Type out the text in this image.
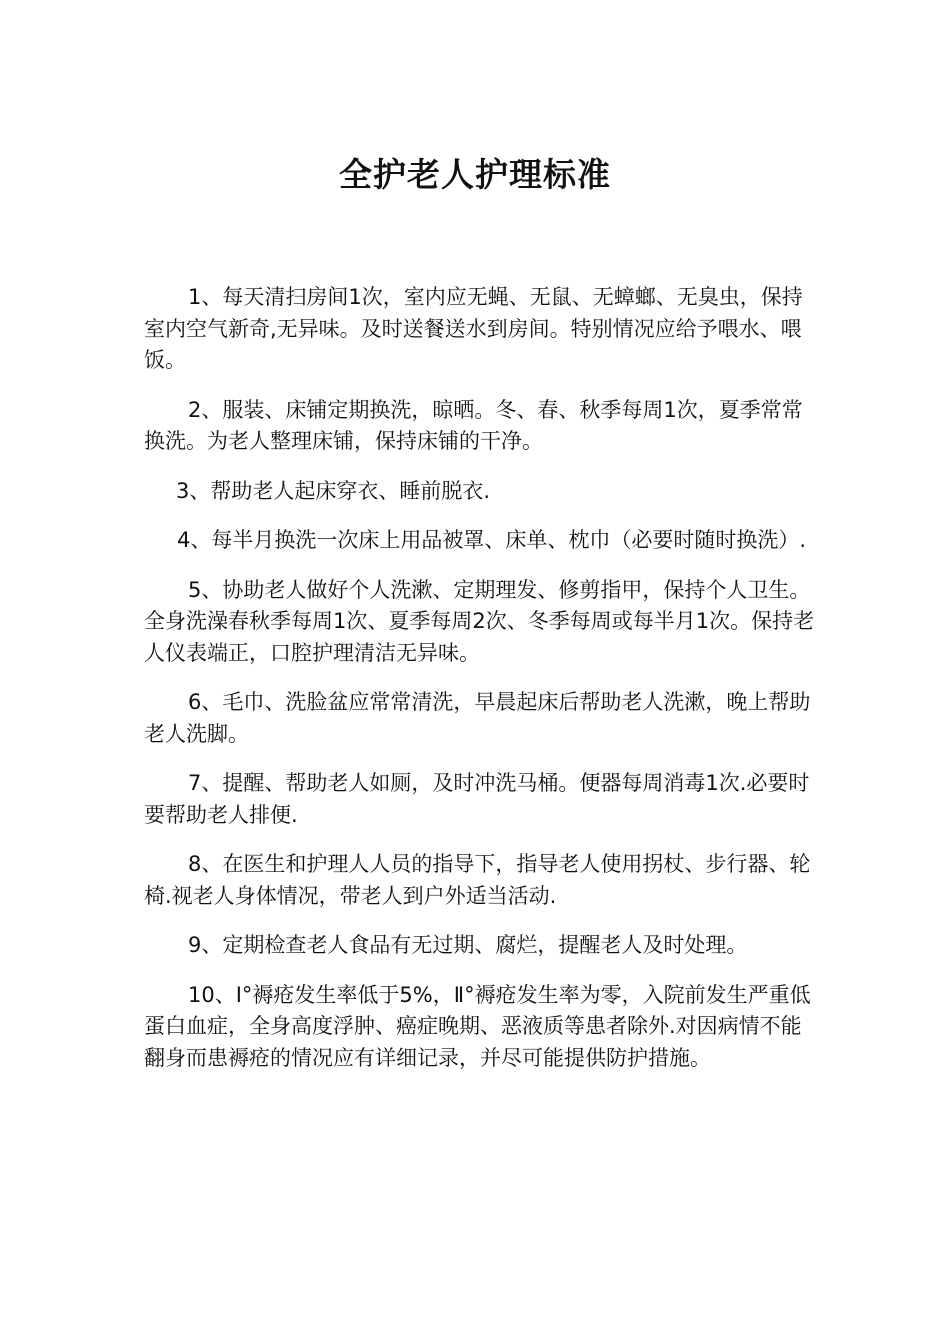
全护老人护理标准

1、每天清扫房间1次，室内应无蝇、无鼠、无蟑螂、无臭虫，保持室内空气新奇,无异味。及时送餐送水到房间。特别情况应给予喂水、喂饭。

2、服装、床铺定期换洗，晾晒。冬、春、秋季每周1次，夏季常常换洗。为老人整理床铺，保持床铺的干净。

3、帮助老人起床穿衣、睡前脱衣.

4、每半月换洗一次床上用品被罩、床单、枕巾（必要时随时换洗）.

5、协助老人做好个人洗漱、定期理发、修剪指甲，保持个人卫生。全身洗澡春秋季每周1次、夏季每周2次、冬季每周或每半月1次。保持老人仪表端正，口腔护理清洁无异味。

6、毛巾、洗脸盆应常常清洗，早晨起床后帮助老人洗漱，晚上帮助老人洗脚。

7、提醒、帮助老人如厕，及时冲洗马桶。便器每周消毒1次.必要时要帮助老人排便.

8、在医生和护理人人员的指导下，指导老人使用拐杖、步行器、轮椅.视老人身体情况，带老人到户外适当活动.

9、定期检查老人食品有无过期、腐烂，提醒老人及时处理。

10、I°褥疮发生率低于5%，Ⅱ°褥疮发生率为零，入院前发生严重低蛋白血症，全身高度浮肿、癌症晚期、恶液质等患者除外.对因病情不能翻身而患褥疮的情况应有详细记录，并尽可能提供防护措施。
